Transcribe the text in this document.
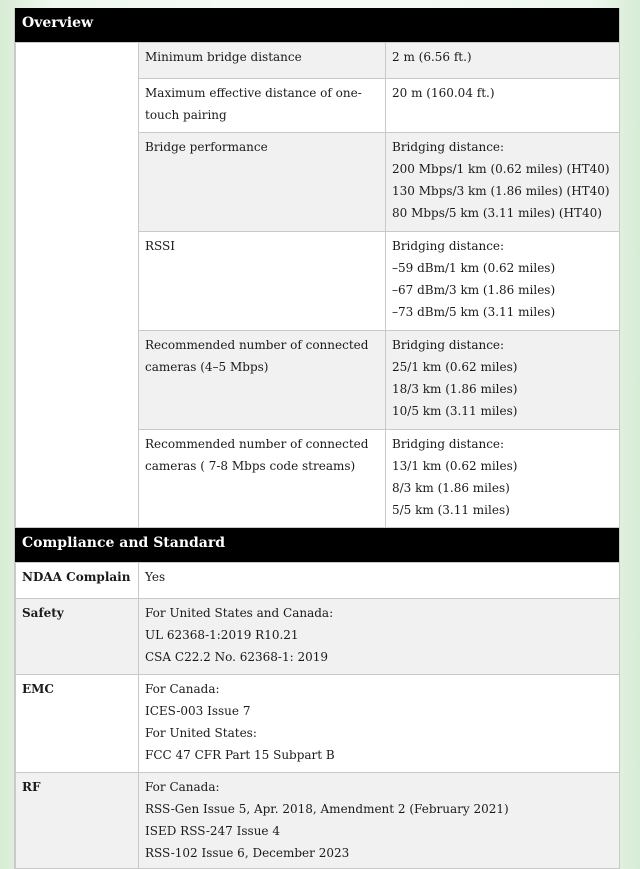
Overview
	Minimum bridge distance	2 m (6.56 ft.)

	Maximum effective distance of one-touch pairing	20 m (160.04 ft.)

	Bridge performance	Bridging distance:
200 Mbps/1 km (0.62 miles) (HT40)
130 Mbps/3 km (1.86 miles) (HT40)
80 Mbps/5 km (3.11 miles) (HT40)

	RSSI	Bridging distance:
–59 dBm/1 km (0.62 miles)
–67 dBm/3 km (1.86 miles)
–73 dBm/5 km (3.11 miles)

	Recommended number of connected cameras (4–5 Mbps)	Bridging distance:
25/1 km (0.62 miles)
18/3 km (1.86 miles)
10/5 km (3.11 miles)

	Recommended number of connected cameras ( 7-8 Mbps code streams)	Bridging distance:
13/1 km (0.62 miles)
8/3 km (1.86 miles)
5/5 km (3.11 miles)
Compliance and Standard
NDAA Complain	Yes

Safety	For United States and Canada:
UL 62368-1:2019 R10.21
CSA C22.2 No. 62368-1: 2019

EMC	For Canada:
ICES-003 Issue 7
For United States:
FCC 47 CFR Part 15 Subpart B

RF	For Canada:
RSS-Gen Issue 5, Apr. 2018, Amendment 2 (February 2021)
ISED RSS-247 Issue 4
RSS-102 Issue 6, December 2023
